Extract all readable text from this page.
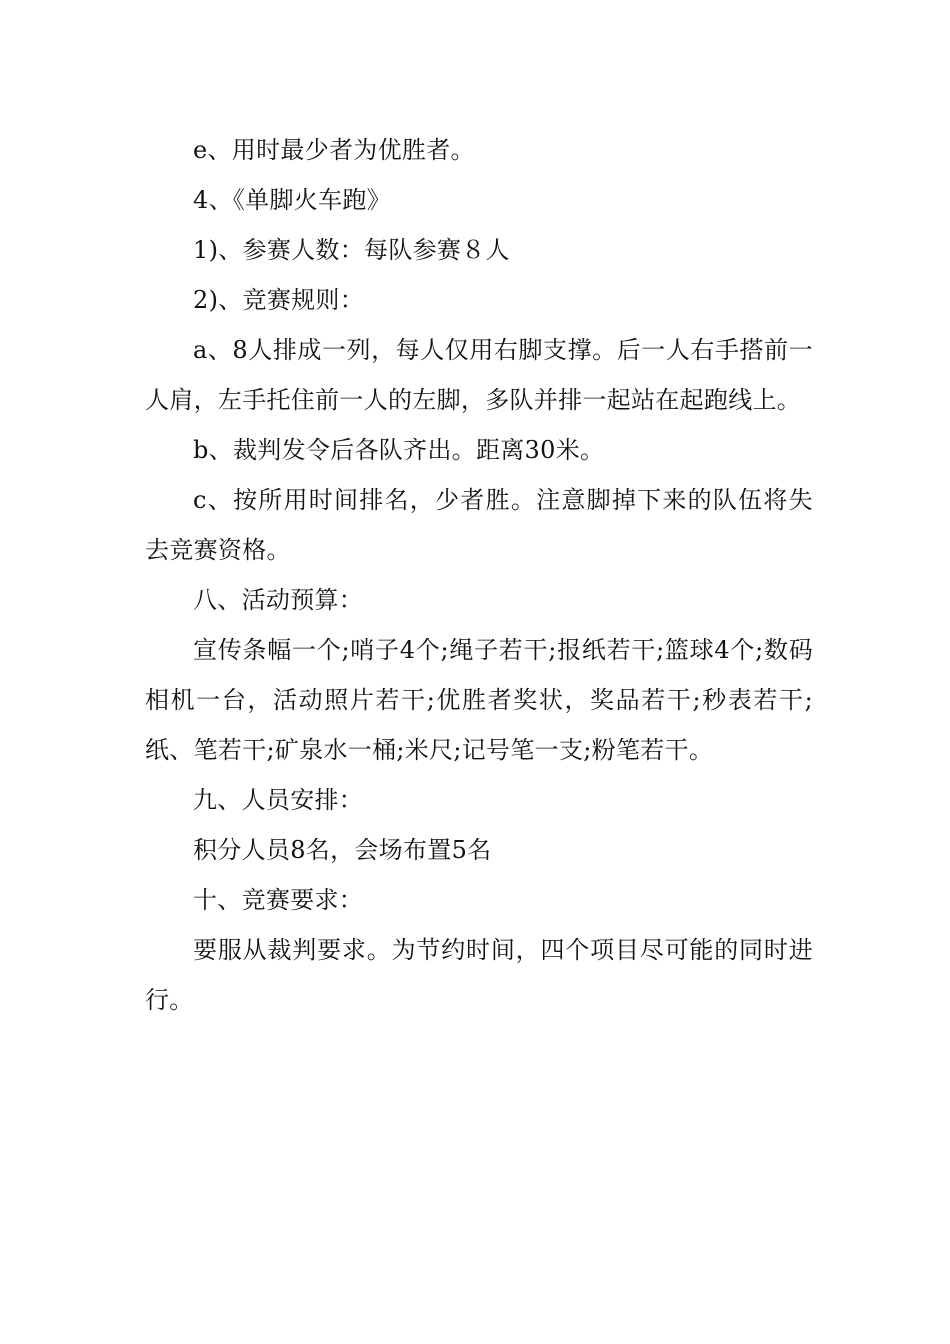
e、用时最少者为优胜者。

4、《单脚火车跑》

1)、参赛人数：每队参赛８人

2)、竞赛规则：

a、8人排成一列，每人仅用右脚支撑。后一人右手搭前一人肩，左手托住前一人的左脚，多队并排一起站在起跑线上。

b、裁判发令后各队齐出。距离30米。

c、按所用时间排名，少者胜。注意脚掉下来的队伍将失去竞赛资格。

八、活动预算：

宣传条幅一个;哨子4个;绳子若干;报纸若干;篮球4个;数码相机一台，活动照片若干;优胜者奖状，奖品若干;秒表若干;纸、笔若干;矿泉水一桶;米尺;记号笔一支;粉笔若干。

九、人员安排：

积分人员8名，会场布置5名

十、竞赛要求：

要服从裁判要求。为节约时间，四个项目尽可能的同时进行。
